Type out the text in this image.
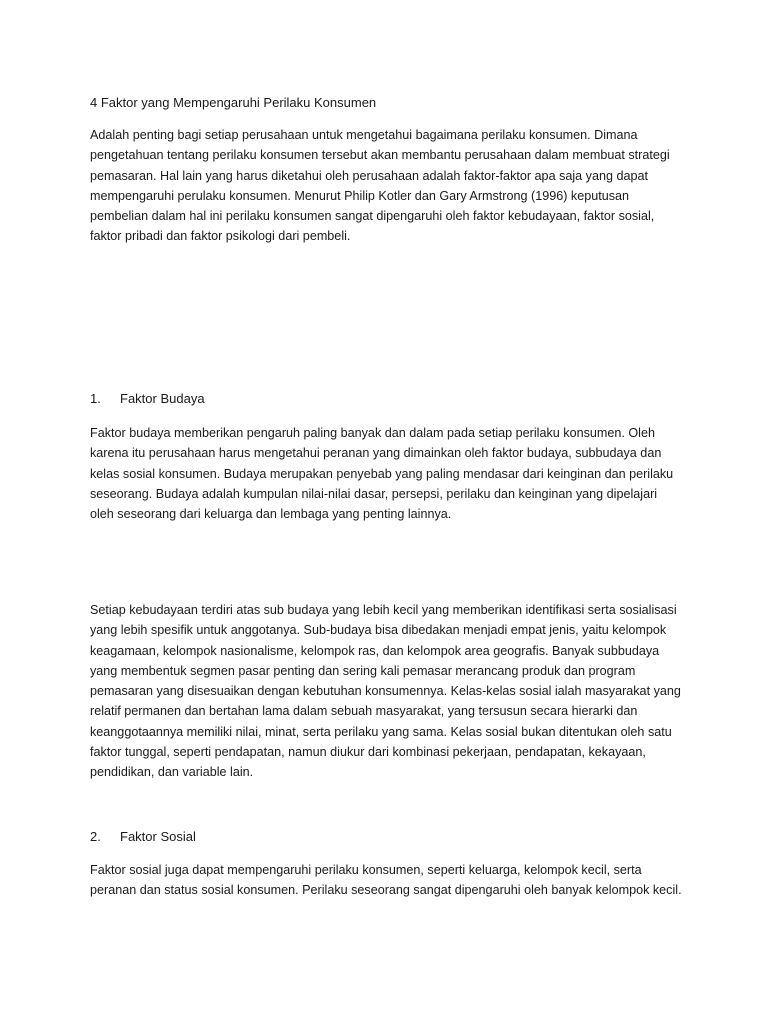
4 Faktor yang Mempengaruhi Perilaku Konsumen
Adalah penting bagi setiap perusahaan untuk mengetahui bagaimana perilaku konsumen. Dimana
pengetahuan tentang perilaku konsumen tersebut akan membantu perusahaan dalam membuat strategi
pemasaran. Hal lain yang harus diketahui oleh perusahaan adalah faktor-faktor apa saja yang dapat
mempengaruhi perulaku konsumen. Menurut Philip Kotler dan Gary Armstrong (1996) keputusan
pembelian dalam hal ini perilaku konsumen sangat dipengaruhi oleh faktor kebudayaan, faktor sosial,
faktor pribadi dan faktor psikologi dari pembeli.
1. Faktor Budaya
Faktor budaya memberikan pengaruh paling banyak dan dalam pada setiap perilaku konsumen. Oleh
karena itu perusahaan harus mengetahui peranan yang dimainkan oleh faktor budaya, subbudaya dan
kelas sosial konsumen. Budaya merupakan penyebab yang paling mendasar dari keinginan dan perilaku
seseorang. Budaya adalah kumpulan nilai-nilai dasar, persepsi, perilaku dan keinginan yang dipelajari
oleh seseorang dari keluarga dan lembaga yang penting lainnya.
Setiap kebudayaan terdiri atas sub budaya yang lebih kecil yang memberikan identifikasi serta sosialisasi
yang lebih spesifik untuk anggotanya. Sub-budaya bisa dibedakan menjadi empat jenis, yaitu kelompok
keagamaan, kelompok nasionalisme, kelompok ras, dan kelompok area geografis. Banyak subbudaya
yang membentuk segmen pasar penting dan sering kali pemasar merancang produk dan program
pemasaran yang disesuaikan dengan kebutuhan konsumennya. Kelas-kelas sosial ialah masyarakat yang
relatif permanen dan bertahan lama dalam sebuah masyarakat, yang tersusun secara hierarki dan
keanggotaannya memiliki nilai, minat, serta perilaku yang sama. Kelas sosial bukan ditentukan oleh satu
faktor tunggal, seperti pendapatan, namun diukur dari kombinasi pekerjaan, pendapatan, kekayaan,
pendidikan, dan variable lain.
2. Faktor Sosial
Faktor sosial juga dapat mempengaruhi perilaku konsumen, seperti keluarga, kelompok kecil, serta
peranan dan status sosial konsumen. Perilaku seseorang sangat dipengaruhi oleh banyak kelompok kecil.
